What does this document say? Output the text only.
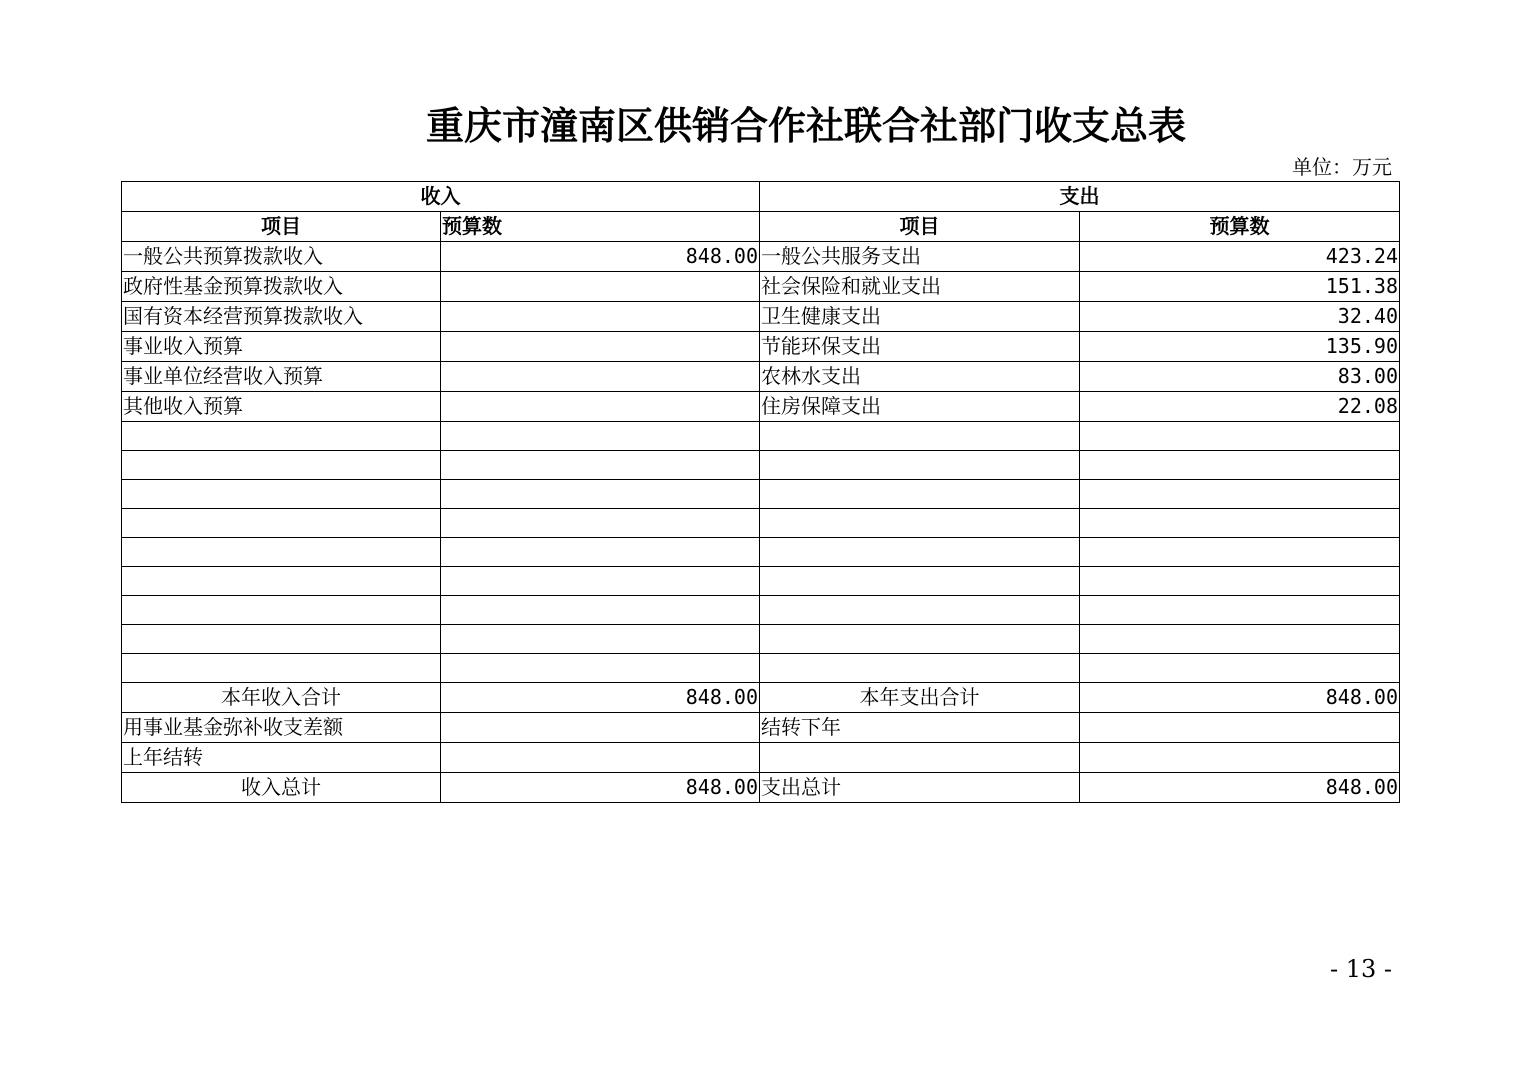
重庆市潼南区供销合作社联合社部门收支总表
单位：万元
收入		支出	
项目	预算数	项目	预算数
一般公共预算拨款收入	848.00	一般公共服务支出	423.24
政府性基金预算拨款收入		社会保险和就业支出	151.38
国有资本经营预算拨款收入		卫生健康支出	32.40
事业收入预算		节能环保支出	135.90
事业单位经营收入预算		农林水支出	83.00
其他收入预算		住房保障支出	22.08

本年收入合计	848.00	本年支出合计	848.00
用事业基金弥补收支差额		结转下年	
上年结转			
收入总计	848.00	支出总计	848.00
- 13 -
